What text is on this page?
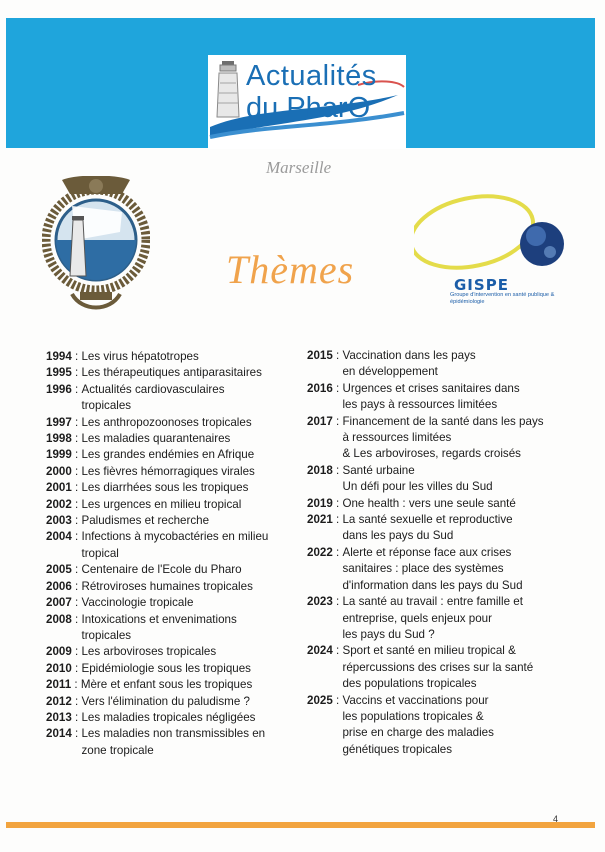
Actualités
du PharO
Marseille
Thèmes	GISPE
Groupe d'intervention en santé publique & épidémiologie
1994 : Les virus hépatotropes
1995 : Les thérapeutiques antiparasitaires
1996 : Actualités cardiovasculaires
tropicales
1997 : Les anthropozoonoses tropicales
1998 : Les maladies quarantenaires
1999 : Les grandes endémies en Afrique
2000 : Les fièvres hémorragiques virales
2001 : Les diarrhées sous les tropiques
2002 : Les urgences en milieu tropical
2003 : Paludismes et recherche
2004 : Infections à mycobactéries en milieu
tropical
2005 : Centenaire de l'Ecole du Pharo
2006 : Rétroviroses humaines tropicales
2007 : Vaccinologie tropicale
2008 : Intoxications et envenimations
tropicales
2009 : Les arboviroses tropicales
2010 : Epidémiologie sous les tropiques
2011 : Mère et enfant sous les tropiques
2012 : Vers l'élimination du paludisme ?
2013 : Les maladies tropicales négligées
2014 : Les maladies non transmissibles en
zone tropicale
2015 : Vaccination dans les pays
en développement
2016 : Urgences et crises sanitaires dans
les pays à ressources limitées
2017 : Financement de la santé dans les pays
à ressources limitées
& Les arboviroses, regards croisés
2018 : Santé urbaine
Un défi pour les villes du Sud
2019 : One health : vers une seule santé
2021 : La santé sexuelle et reproductive
dans les pays du Sud
2022 : Alerte et réponse face aux crises
sanitaires : place des systèmes
d'information dans les pays du Sud
2023 : La santé au travail : entre famille et
entreprise, quels enjeux pour
les pays du Sud ?
2024 : Sport et santé en milieu tropical &
répercussions des crises sur la santé
des populations tropicales
2025 : Vaccins et vaccinations pour
les populations tropicales &
prise en charge des maladies
génétiques tropicales
4
